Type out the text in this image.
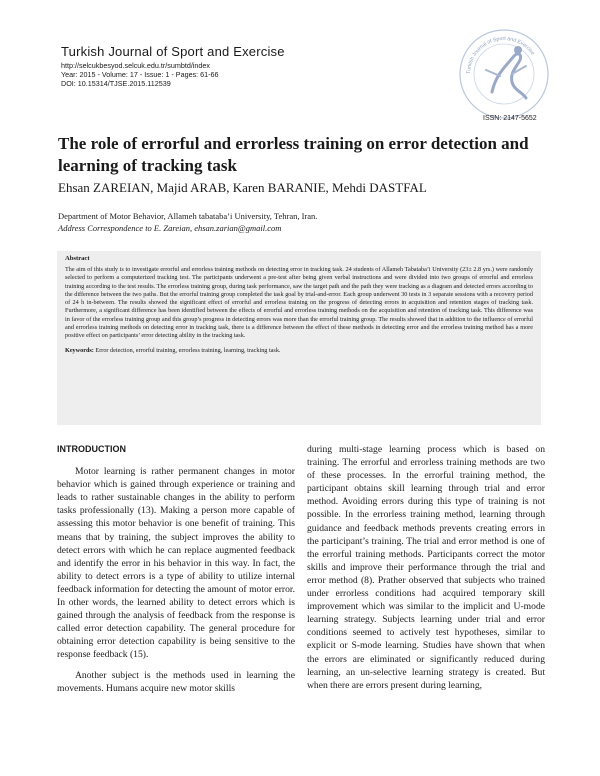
Turkish Journal of Sport and Exercise
http://selcukbesyod.selcuk.edu.tr/sumbtd/index
Year: 2015 - Volume: 17 - Issue: 1 - Pages: 61-66
DOI: 10.15314/TJSE.2015.112539
Turkish Journal of Sport and Exercise
ISSN: 2147-5652
The role of errorful and errorless training on error detection and learning of tracking task
Ehsan ZAREIAN, Majid ARAB, Karen BARANIE, Mehdi DASTFAL
Department of Motor Behavior, Allameh tabataba’i University, Tehran, Iran.
Address Correspondence to E. Zareian, ehsan.zarian@gmail.com
Abstract

The aim of this study is to investigate errorful and errorless training methods on detecting error in tracking task. 24 students of Allameh Tabataba’i University (23± 2.8 yrs.) were randomly selected to perform a computerized tracking test. The participants underwent a pre-test after being given verbal instructions and were divided into two groups of errorful and errorless training according to the test results. The errorless training group, during task performance, saw the target path and the path they were tracking as a diagram and detected errors according to the difference between the two paths. But the errorful training group completed the task goal by trial-and-error. Each group underwent 30 tests in 3 separate sessions with a recovery period of 24 h in-between. The results showed the significant effect of errorful and errorless training on the progress of detecting errors in acquisition and retention stages of tracking task. Furthermore, a significant difference has been identified between the effects of errorful and errorless training methods on the acquisition and retention of tracking task. This difference was in favor of the errorless training group and this group’s progress in detecting errors was more than the errorful training group. The results showed that in addition to the influence of errorful and errorless training methods on detecting error in tracking task, there is a difference between the effect of these methods in detecting error and the errorless training method has a more positive effect on participants’ error detecting ability in the tracking task.

Keywords: Error detection, errorful training, errorless training, learning, tracking task.
INTRODUCTION

Motor learning is rather permanent changes in motor behavior which is gained through experience or training and leads to rather sustainable changes in the ability to perform tasks professionally (13). Making a person more capable of assessing this motor behavior is one benefit of training. This means that by training, the subject improves the ability to detect errors with which he can replace augmented feedback and identify the error in his behavior in this way. In fact, the ability to detect errors is a type of ability to utilize internal feedback information for detecting the amount of motor error. In other words, the learned ability to detect errors which is gained through the analysis of feedback from the response is called error detection capability. The general procedure for obtaining error detection capability is being sensitive to the response feedback (15).

Another subject is the methods used in learning the movements. Humans acquire new motor skills

during multi-stage learning process which is based on training. The errorful and errorless training methods are two of these processes. In the errorful training method, the participant obtains skill learning through trial and error method. Avoiding errors during this type of training is not possible. In the errorless training method, learning through guidance and feedback methods prevents creating errors in the participant’s training. The trial and error method is one of the errorful training methods. Participants correct the motor skills and improve their performance through the trial and error method (8). Prather observed that subjects who trained under errorless conditions had acquired temporary skill improvement which was similar to the implicit and U-mode learning strategy. Subjects learning under trial and error conditions seemed to actively test hypotheses, similar to explicit or S-mode learning. Studies have shown that when the errors are eliminated or significantly reduced during learning, an un-selective learning strategy is created. But when there are errors present during learning,
